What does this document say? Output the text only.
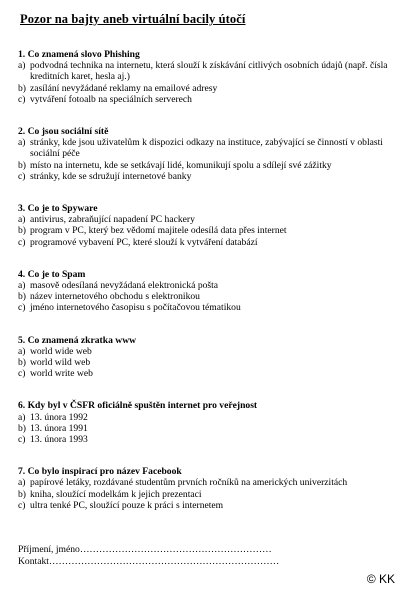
Pozor na bajty aneb virtuální bacily útočí
1. Co znamená slovo Phishing
a) podvodná technika na internetu, která slouží k získávání citlivých osobních údajů (např. čísla kreditních karet, hesla aj.)
b) zasílání nevyžádané reklamy na emailové adresy
c) vytváření fotoalb na speciálních serverech
2. Co jsou sociální sítě
a) stránky, kde jsou uživatelům k dispozici odkazy na instituce, zabývající se činností v oblasti sociální péče
b) místo na internetu, kde se setkávají lidé, komunikují spolu a sdílejí své zážitky
c) stránky, kde se sdružují internetové banky
3. Co je to Spyware
a) antivirus, zabraňující napadení PC hackery
b) program v PC, který bez vědomí majitele odesílá data přes internet
c) programové vybavení PC, které slouží k vytváření databází
4. Co je to Spam
a) masově odesílaná nevyžádaná elektronická pošta
b) název internetového obchodu s elektronikou
c) jméno internetového časopisu s počítačovou tématikou
5. Co znamená zkratka www
a) world wide web
b) world wild web
c) world write web
6. Kdy byl v ČSFR oficiálně spuštěn internet pro veřejnost
a) 13. února 1992
b) 13. února 1991
c) 13. února 1993
7. Co bylo inspirací pro název Facebook
a) papírové letáky, rozdávané studentům prvních ročníků na amerických univerzitách
b) kniha, sloužící modelkám k jejich prezentaci
c) ultra tenké PC, sloužící pouze k práci s internetem
Příjmení, jméno……………………………………………………
Kontakt………………………………………………………………
© KK
